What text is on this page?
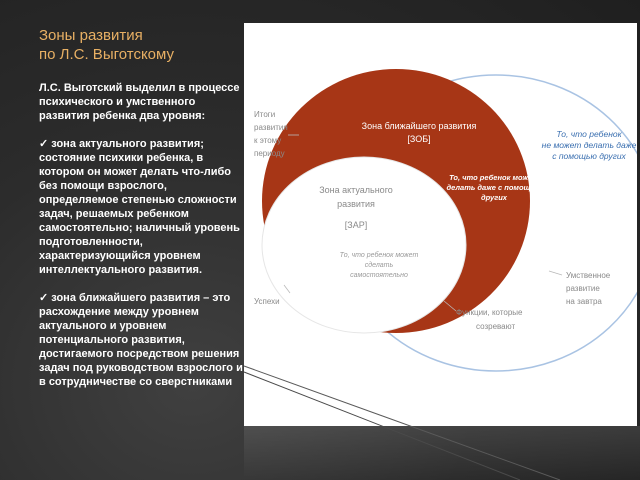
Зоны развития
по Л.С. Выготскому

Л.С. Выготский выделил в процессе психического и умственного развития ребенка два уровня:

✓ зона актуального развития; состояние психики ребенка, в котором он может делать что-либо без помощи взрослого, определяемое степенью сложности задач, решаемых ребенком самостоятельно; наличный уровень подготовленности, характеризующийся уровнем интеллектуального развития.

✓ зона ближайшего развития – это расхождение между уровнем актуального и уровнем потенциального развития, достигаемого посредством решения задач под руководством взрослого и в сотрудничестве со сверстниками

То, что ребенок
не может делать даже
с помощью других
Зона ближайшего развития
[ЗОБ]
То, что ребенок может
делать даже с помощью
других
Зона актуального
развития
[ЗАР]
То, что ребенок может
сделать
самостоятельно
Итоги
развития
к этому
периоду
Успехи
Функции, которые
созревают
Умственное
развитие
на завтра
